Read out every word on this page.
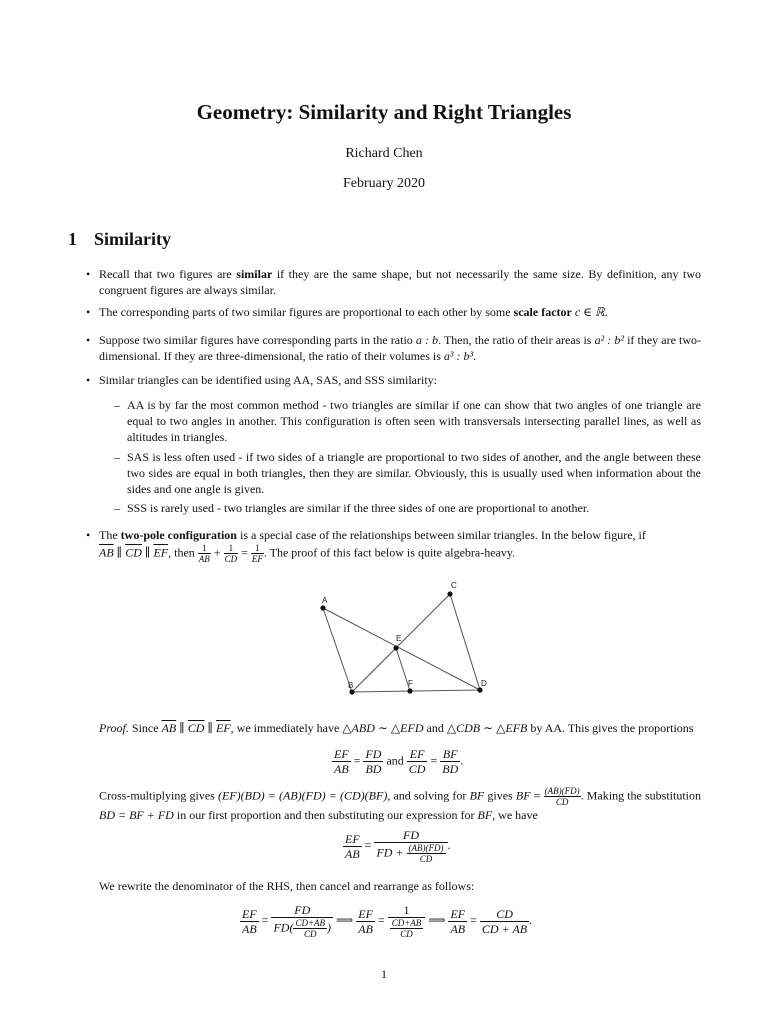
Geometry: Similarity and Right Triangles
Richard Chen
February 2020
1 Similarity
• Recall that two figures are similar if they are the same shape, but not necessarily the same size. By definition, any two congruent figures are always similar.
• The corresponding parts of two similar figures are proportional to each other by some scale factor c ∈ ℝ.
• Suppose two similar figures have corresponding parts in the ratio a : b. Then, the ratio of their areas is a² : b² if they are two-dimensional. If they are three-dimensional, the ratio of their volumes is a³ : b³.
• Similar triangles can be identified using AA, SAS, and SSS similarity:
– AA is by far the most common method - two triangles are similar if one can show that two angles of one triangle are equal to two angles in another. This configuration is often seen with transversals intersecting parallel lines, as well as altitudes in triangles.
– SAS is less often used - if two sides of a triangle are proportional to two sides of another, and the angle between these two sides are equal in both triangles, then they are similar. Obviously, this is usually used when information about the sides and one angle is given.
– SSS is rarely used - two triangles are similar if the three sides of one are proportional to another.
• The two-pole configuration is a special case of the relationships between similar triangles. In the below figure, if
$\overline{AB}$ ∥ $\overline{CD}$ ∥ $\overline{EF}$, then $\frac{1}{AB} + \frac{1}{CD} = \frac{1}{EF}$ . The proof of this fact below is quite algebra-heavy.
A
B
C
D
E
F
Proof. Since $\overline{AB}$ ∥ $\overline{CD}$ ∥ $\overline{EF}$, we immediately have △ABD ∼ △EFD and △CDB ∼ △EFB by AA. This gives the proportions
$\frac{EF}{AB} = \frac{FD}{BD}$ and $\frac{EF}{CD} = \frac{BF}{BD}$ .
Cross-multiplying gives (EF)(BD) = (AB)(FD) = (CD)(BF), and solving for BF gives BF = $\frac{(AB)(FD)}{CD}$ . Making the substitution BD = BF + FD in our first proportion and then substituting our expression for BF, we have
$\frac{EF}{AB} = \frac{FD}{FD + \frac{(AB)(FD)}{CD}}$ .
We rewrite the denominator of the RHS, then cancel and rearrange as follows:
$\frac{EF}{AB}$ =
FD
$FD( \frac{CD+AB}{CD}$ )
⟹ $\frac{EF}{AB}$ =
1
$\frac{CD+AB}{CD}$ ⟹ $\frac{EF}{AB} = \frac{CD}{CD + AB}$ .
1
